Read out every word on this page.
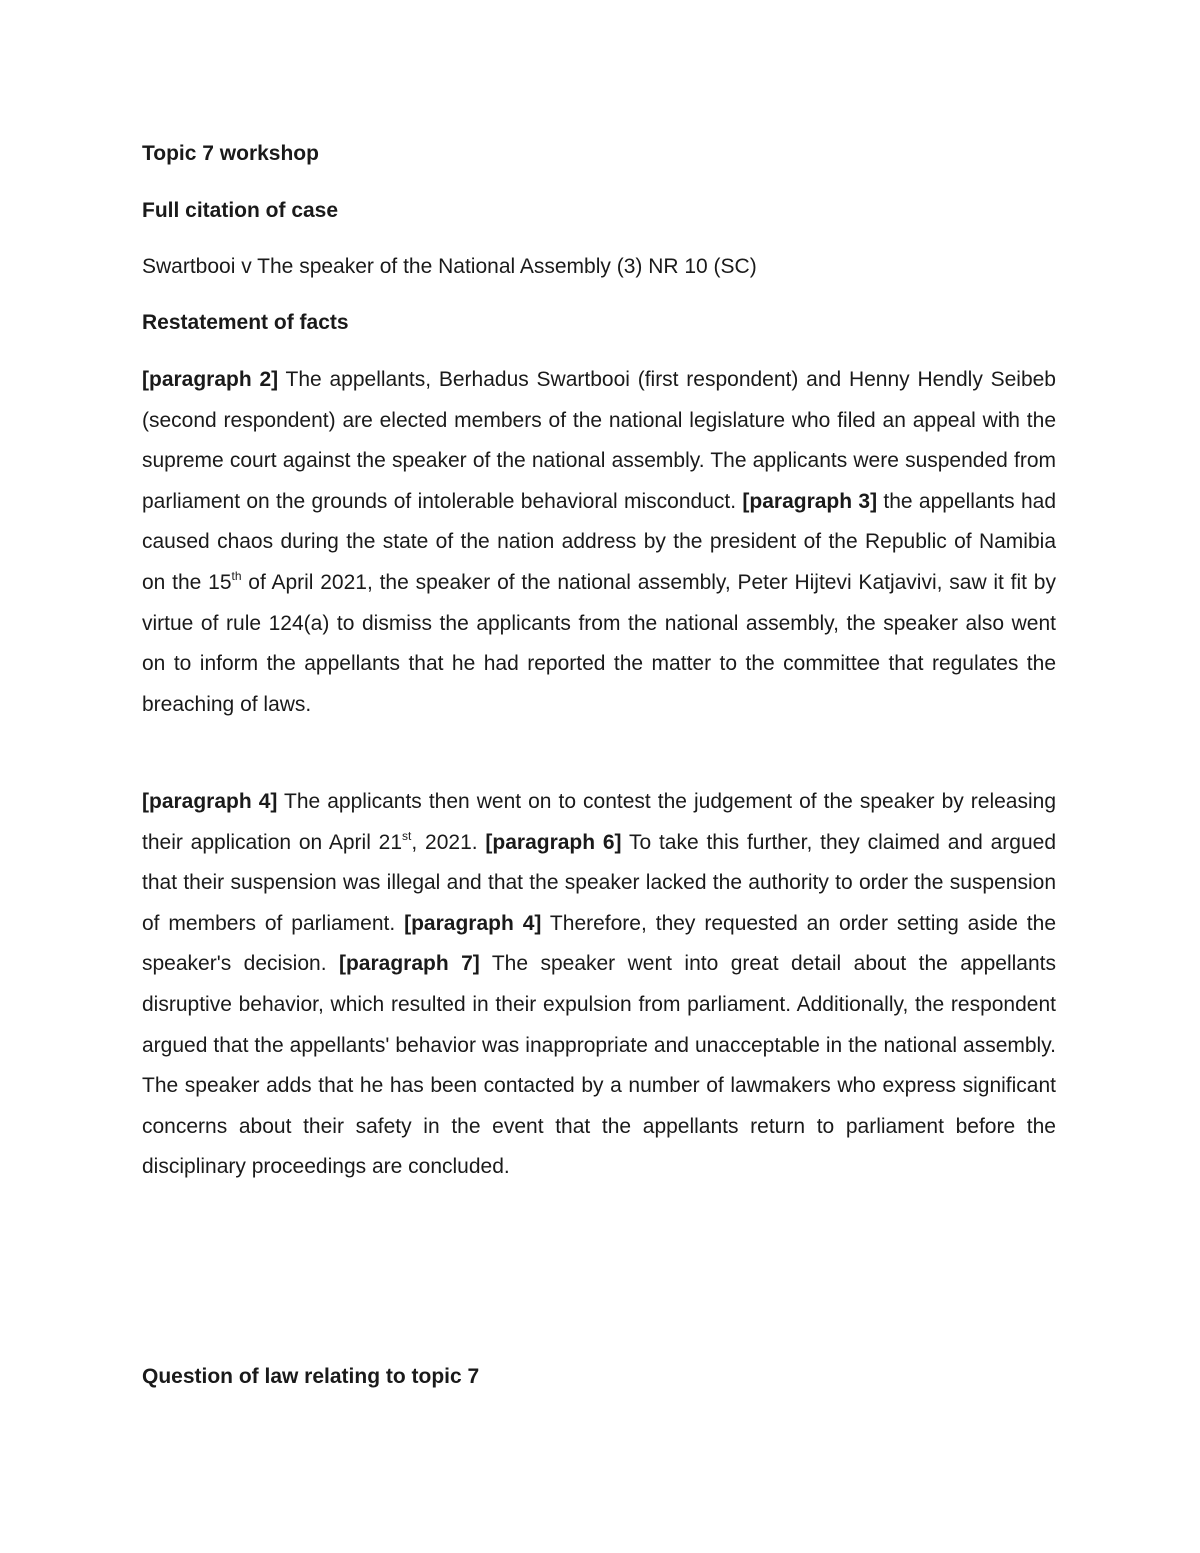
Topic 7 workshop
Full citation of case

Swartbooi v The speaker of the National Assembly (3) NR 10 (SC)

Restatement of facts

[paragraph 2] The appellants, Berhadus Swartbooi (first respondent) and Henny Hendly Seibeb (second respondent) are elected members of the national legislature who filed an appeal with the supreme court against the speaker of the national assembly. The applicants were suspended from parliament on the grounds of intolerable behavioral misconduct. [paragraph 3] the appellants had caused chaos during the state of the nation address by the president of the Republic of Namibia on the 15th of April 2021, the speaker of the national assembly, Peter Hijtevi Katjavivi, saw it fit by virtue of rule 124(a) to dismiss the applicants from the national assembly, the speaker also went on to inform the appellants that he had reported the matter to the committee that regulates the breaching of laws.

[paragraph 4] The applicants then went on to contest the judgement of the speaker by releasing their application on April 21st, 2021. [paragraph 6] To take this further, they claimed and argued that their suspension was illegal and that the speaker lacked the authority to order the suspension of members of parliament. [paragraph 4] Therefore, they requested an order setting aside the speaker's decision. [paragraph 7] The speaker went into great detail about the appellants disruptive behavior, which resulted in their expulsion from parliament. Additionally, the respondent argued that the appellants' behavior was inappropriate and unacceptable in the national assembly. The speaker adds that he has been contacted by a number of lawmakers who express significant concerns about their safety in the event that the appellants return to parliament before the disciplinary proceedings are concluded.

Question of law relating to topic 7
